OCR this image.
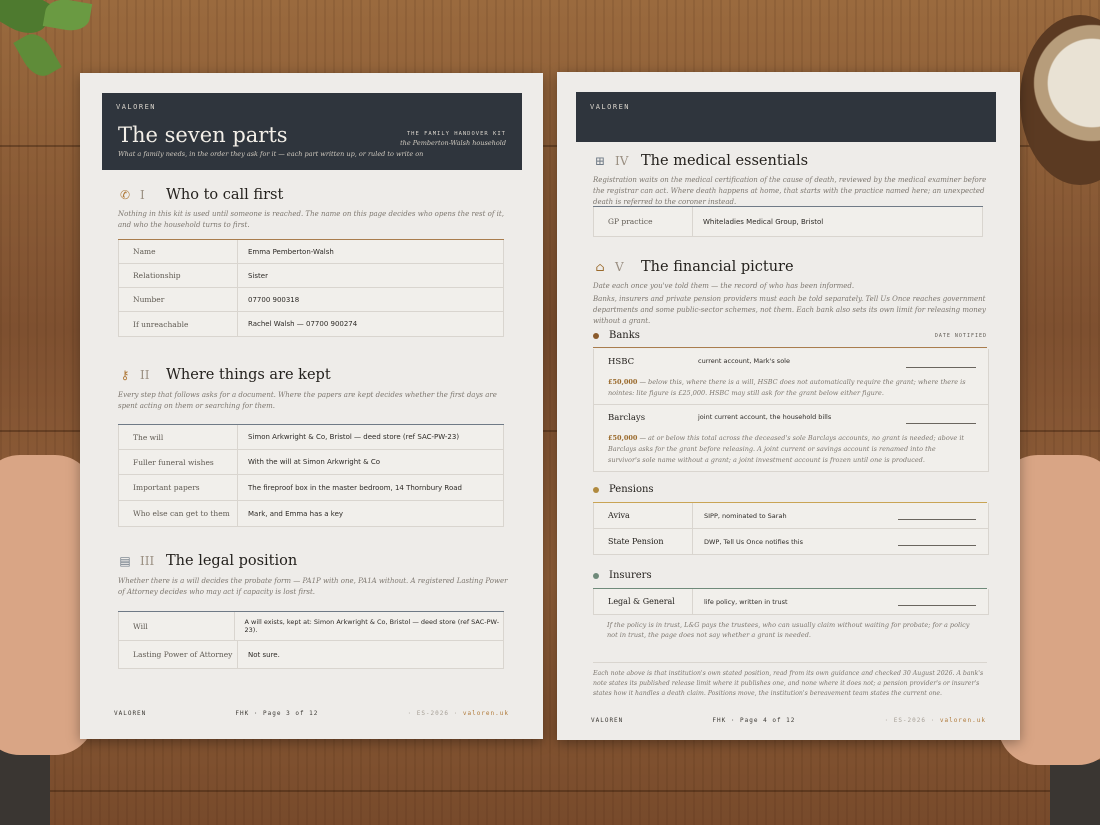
VALOREN
The seven parts
What a family needs, in the order they ask for it — each part written up, or ruled to write on
THE FAMILY HANDOVER KIT
the Pemberton-Walsh household
✆ I	Who to call first
Nothing in this kit is used until someone is reached. The name on this page decides who opens the rest of it, and who the household turns to first.
Name	Emma Pemberton-Walsh
Relationship	Sister
Number	07700 900318
If unreachable	Rachel Walsh — 07700 900274
⚷ II	Where things are kept
Every step that follows asks for a document. Where the papers are kept decides whether the first days are spent acting on them or searching for them.
The will	Simon Arkwright & Co, Bristol — deed store (ref SAC-PW-23)
Fuller funeral wishes	With the will at Simon Arkwright & Co
Important papers	The fireproof box in the master bedroom, 14 Thornbury Road
Who else can get to them	Mark, and Emma has a key
▤ III The legal position
Whether there is a will decides the probate form — PA1P with one, PA1A without. A registered Lasting Power of Attorney decides who may act if capacity is lost first.
Will	A will exists, kept at: Simon Arkwright & Co, Bristol — deed store (ref SAC-PW-23).
Lasting Power of Attorney	Not sure.
VALOREN	FHK · Page 3 of 12	· ES-2026 · valoren.uk
VALOREN
⊞ IV The medical essentials
Registration waits on the medical certification of the cause of death, reviewed by the medical examiner before the registrar can act. Where death happens at home, that starts with the practice named here; an unexpected death is referred to the coroner instead.
GP practice	Whiteladies Medical Group, Bristol
⌂ V	The financial picture
Date each once you've told them — the record of who has been informed.
Banks, insurers and private pension providers must each be told separately. Tell Us Once reaches government departments and some public-sector schemes, not them. Each bank also sets its own limit for releasing money without a grant.
Banks	DATE NOTIFIED
HSBC	current account, Mark's sole
£50,000 — below this, where there is a will, HSBC does not automatically require the grant; where there is nointes: lite figure is £25,000. HSBC may still ask for the grant below either figure.
Barclays	joint current account, the household bills
£50,000 — at or below this total across the deceased's sole Barclays accounts, no grant is needed; above it Barclays asks for the grant before releasing. A joint current or savings account is renamed into the survivor's sole name without a grant; a joint investment account is frozen until one is produced.
Pensions
Aviva	SIPP, nominated to Sarah
State Pension	DWP, Tell Us Once notifies this
Insurers
Legal & General	life policy, written in trust
If the policy is in trust, L&G pays the trustees, who can usually claim without waiting for probate; for a policy not in trust, the page does not say whether a grant is needed.
Each note above is that institution's own stated position, read from its own guidance and checked 30 August 2026. A bank's note states its published release limit where it publishes one, and none where it does not; a pension provider's or insurer's states how it handles a death claim. Positions move, the institution's bereavement team states the current one.
VALOREN	FHK · Page 4 of 12	· ES-2026 · valoren.uk
